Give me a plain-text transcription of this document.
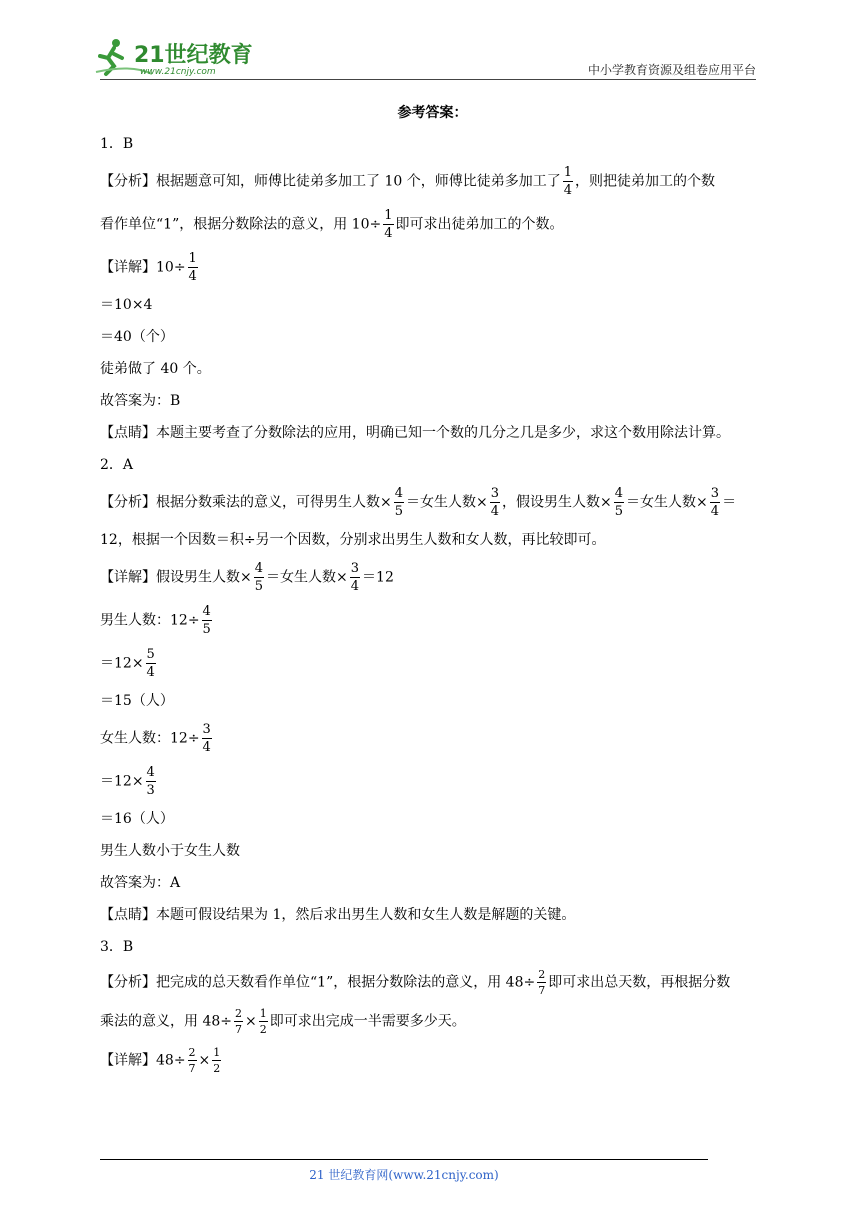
21世纪教育
www.21cnjy.com	中小学教育资源及组卷应用平台
参考答案：
1．B
【分析】根据题意可知，师傅比徒弟多加工了 10 个，师傅比徒弟多加工了 $\frac{1}{4}$ ，则把徒弟加工的个数
看作单位“1”，根据分数除法的意义，用 $10\div \frac{1}{4}$ 即可求出徒弟加工的个数。
【详解】$10\div \frac{1}{4}$
＝10×4
＝40（个）
徒弟做了 40 个。
故答案为：B
【点睛】本题主要考查了分数除法的应用，明确已知一个数的几分之几是多少，求这个数用除法计算。
2．A
【分析】根据分数乘法的意义，可得男生人数× $\frac{4}{5}$ ＝女生人数× $\frac{3}{4}$ ，假设男生人数× $\frac{4}{5}$ ＝女生人数× $\frac{3}{4}$ ＝
12，根据一个因数＝积÷另一个因数，分别求出男生人数和女人数，再比较即可。
【详解】假设男生人数× $\frac{4}{5}$ ＝女生人数× $\frac{3}{4} =12$
男生人数：$12\div \frac{4}{5}$
$=12\times \frac{5}{4}$
＝15（人）
女生人数：$12\div \frac{3}{4}$
$=12\times \frac{4}{3}$
＝16（人）
男生人数小于女生人数
故答案为：A
【点睛】本题可假设结果为 1，然后求出男生人数和女生人数是解题的关键。
3．B
【分析】把完成的总天数看作单位“1”，根据分数除法的意义，用 $48\div \frac{2}{7}$ 即可求出总天数，再根据分数
乘法的意义，用 $48\div \frac{2}{7} \times \frac{1}{2}$ 即可求出完成一半需要多少天。
【详解】$48\div \frac{2}{7} \times \frac{1}{2}$
21 世纪教育网(www.21cnjy.com)
